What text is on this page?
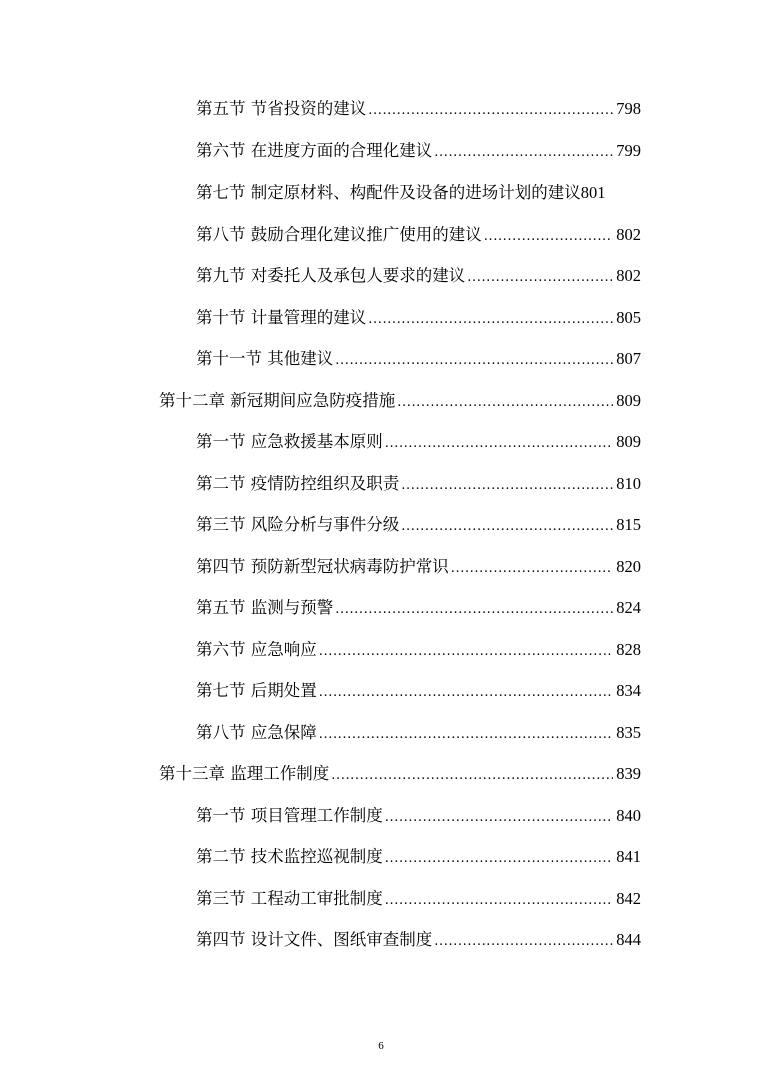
第五节 节省投资的建议 .....	798
第六节 在进度方面的合理化建议 .....	799
第七节 制定原材料、构配件及设备的进场计划的建议 801
第八节 鼓励合理化建议推广使用的建议 .....	802
第九节 对委托人及承包人要求的建议 .....	802
第十节 计量管理的建议 .....	805
第十一节 其他建议 .....	807
第十二章 新冠期间应急防疫措施 .....	809
第一节 应急救援基本原则 .....	809
第二节 疫情防控组织及职责 .....	810
第三节 风险分析与事件分级 .....	815
第四节 预防新型冠状病毒防护常识 .....	820
第五节 监测与预警 .....	824
第六节 应急响应 .....	828
第七节 后期处置 .....	834
第八节 应急保障 .....	835
第十三章 监理工作制度 .....	839
第一节 项目管理工作制度 .....	840
第二节 技术监控巡视制度 .....	841
第三节 工程动工审批制度 .....	842
第四节 设计文件、图纸审查制度 .....	844
6
